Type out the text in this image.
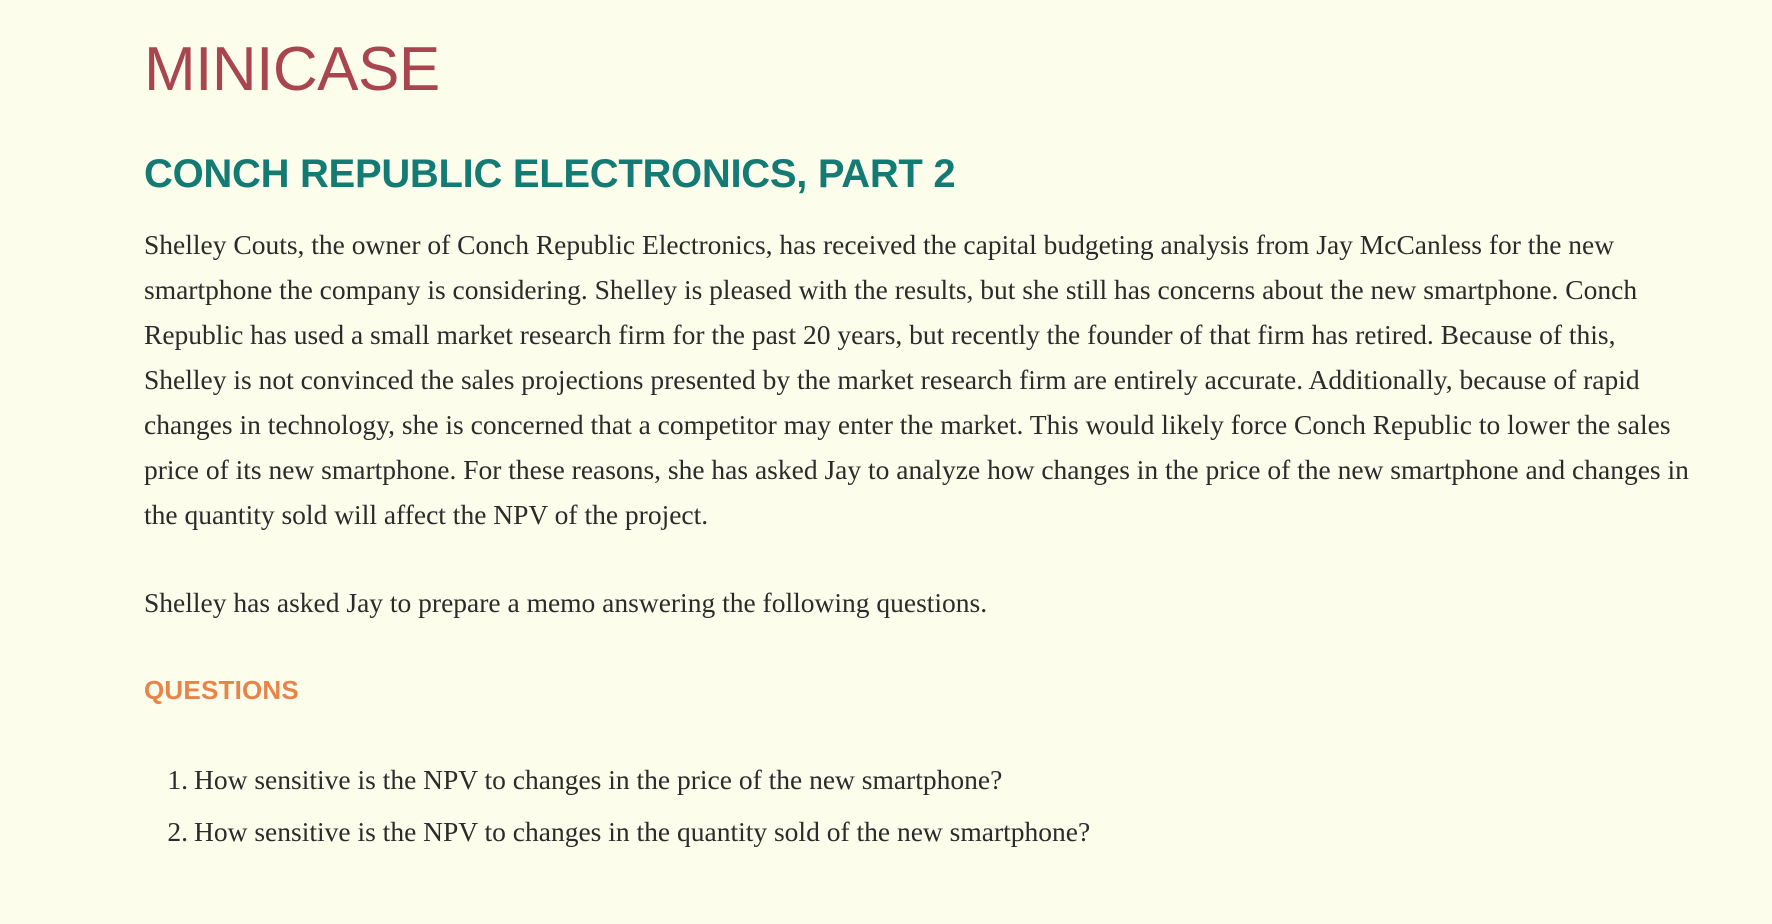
MINICASE
CONCH REPUBLIC ELECTRONICS, PART 2

Shelley Couts, the owner of Conch Republic Electronics, has received the capital budgeting analysis from Jay McCanless for the new smartphone the company is considering. Shelley is pleased with the results, but she still has concerns about the new smartphone. Conch Republic has used a small market research firm for the past 20 years, but recently the founder of that firm has retired. Because of this, Shelley is not convinced the sales projections presented by the market research firm are entirely accurate. Additionally, because of rapid changes in technology, she is concerned that a competitor may enter the market. This would likely force Conch Republic to lower the sales price of its new smartphone. For these reasons, she has asked Jay to analyze how changes in the price of the new smartphone and changes in the quantity sold will affect the NPV of the project.

Shelley has asked Jay to prepare a memo answering the following questions.

QUESTIONS
1. How sensitive is the NPV to changes in the price of the new smartphone?
2. How sensitive is the NPV to changes in the quantity sold of the new smartphone?
